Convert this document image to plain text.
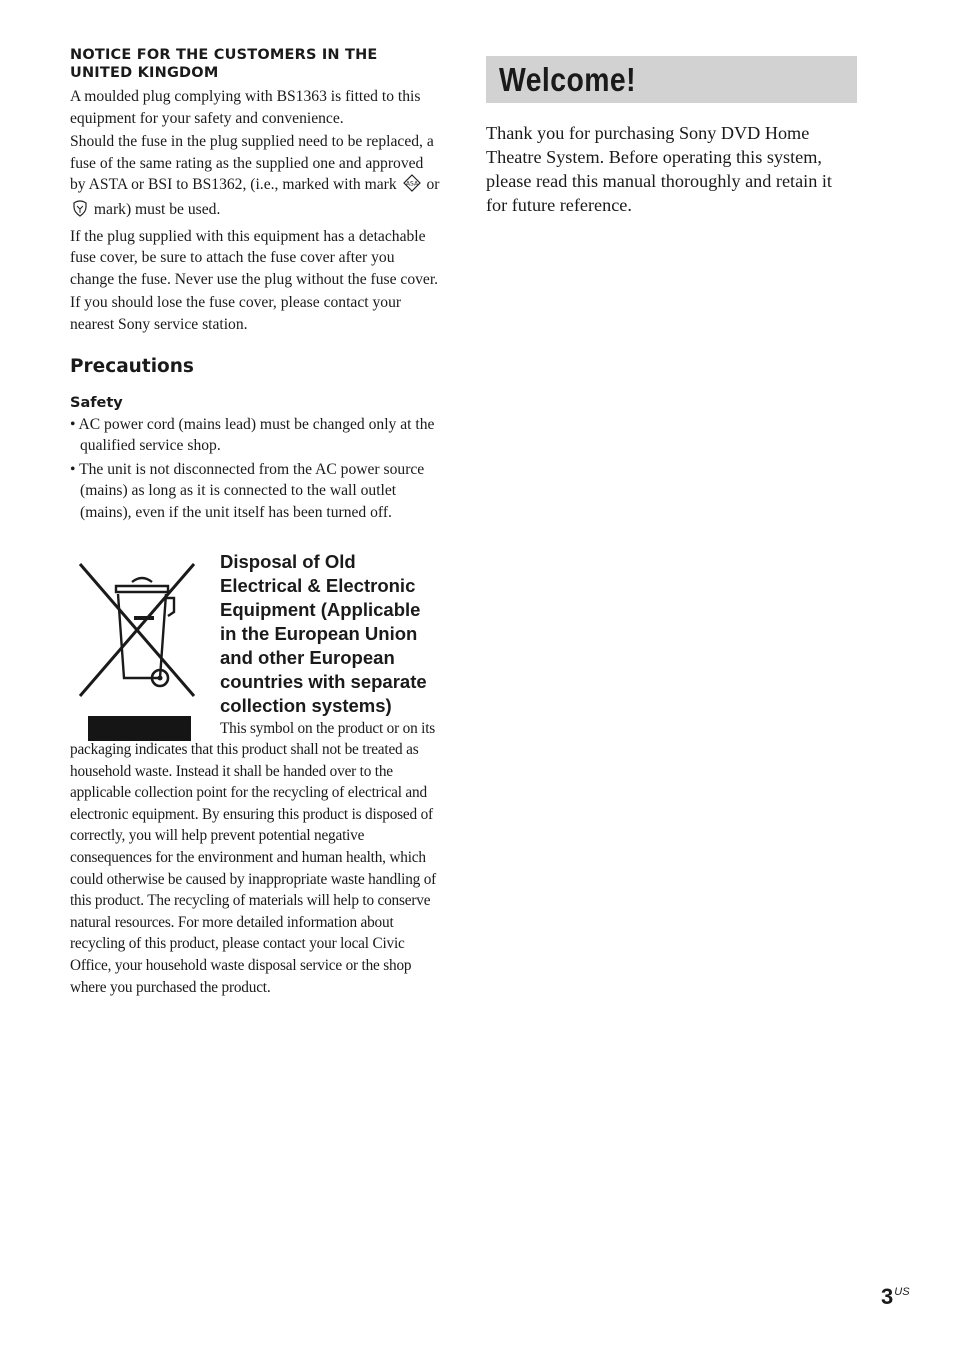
NOTICE FOR THE CUSTOMERS IN THE UNITED KINGDOM

A moulded plug complying with BS1363 is fitted to this equipment for your safety and convenience.

Should the fuse in the plug supplied need to be replaced, a fuse of the same rating as the supplied one and approved by ASTA or BSI to BS1362, (i.e., marked with mark ASA or  mark) must be used.

If the plug supplied with this equipment has a detachable fuse cover, be sure to attach the fuse cover after you change the fuse. Never use the plug without the fuse cover.

If you should lose the fuse cover, please contact your nearest Sony service station.

Precautions
Safety
• AC power cord (mains lead) must be changed only at the qualified service shop.
• The unit is not disconnected from the AC power source (mains) as long as it is connected to the wall outlet (mains), even if the unit itself has been turned off.
Disposal of Old Electrical & Electronic Equipment (Applicable in the European Union and other European countries with separate collection systems)

This symbol on the product or on its packaging indicates that this product shall not be treated as household waste. Instead it shall be handed over to the applicable collection point for the recycling of electrical and electronic equipment. By ensuring this product is disposed of correctly, you will help prevent potential negative consequences for the environment and human health, which could otherwise be caused by inappropriate waste handling of this product. The recycling of materials will help to conserve natural resources. For more detailed information about recycling of this product, please contact your local Civic Office, your household waste disposal service or the shop where you purchased the product.

Welcome!

Thank you for purchasing Sony DVD Home Theatre System. Before operating this system, please read this manual thoroughly and retain it for future reference.

$3^{US}$
